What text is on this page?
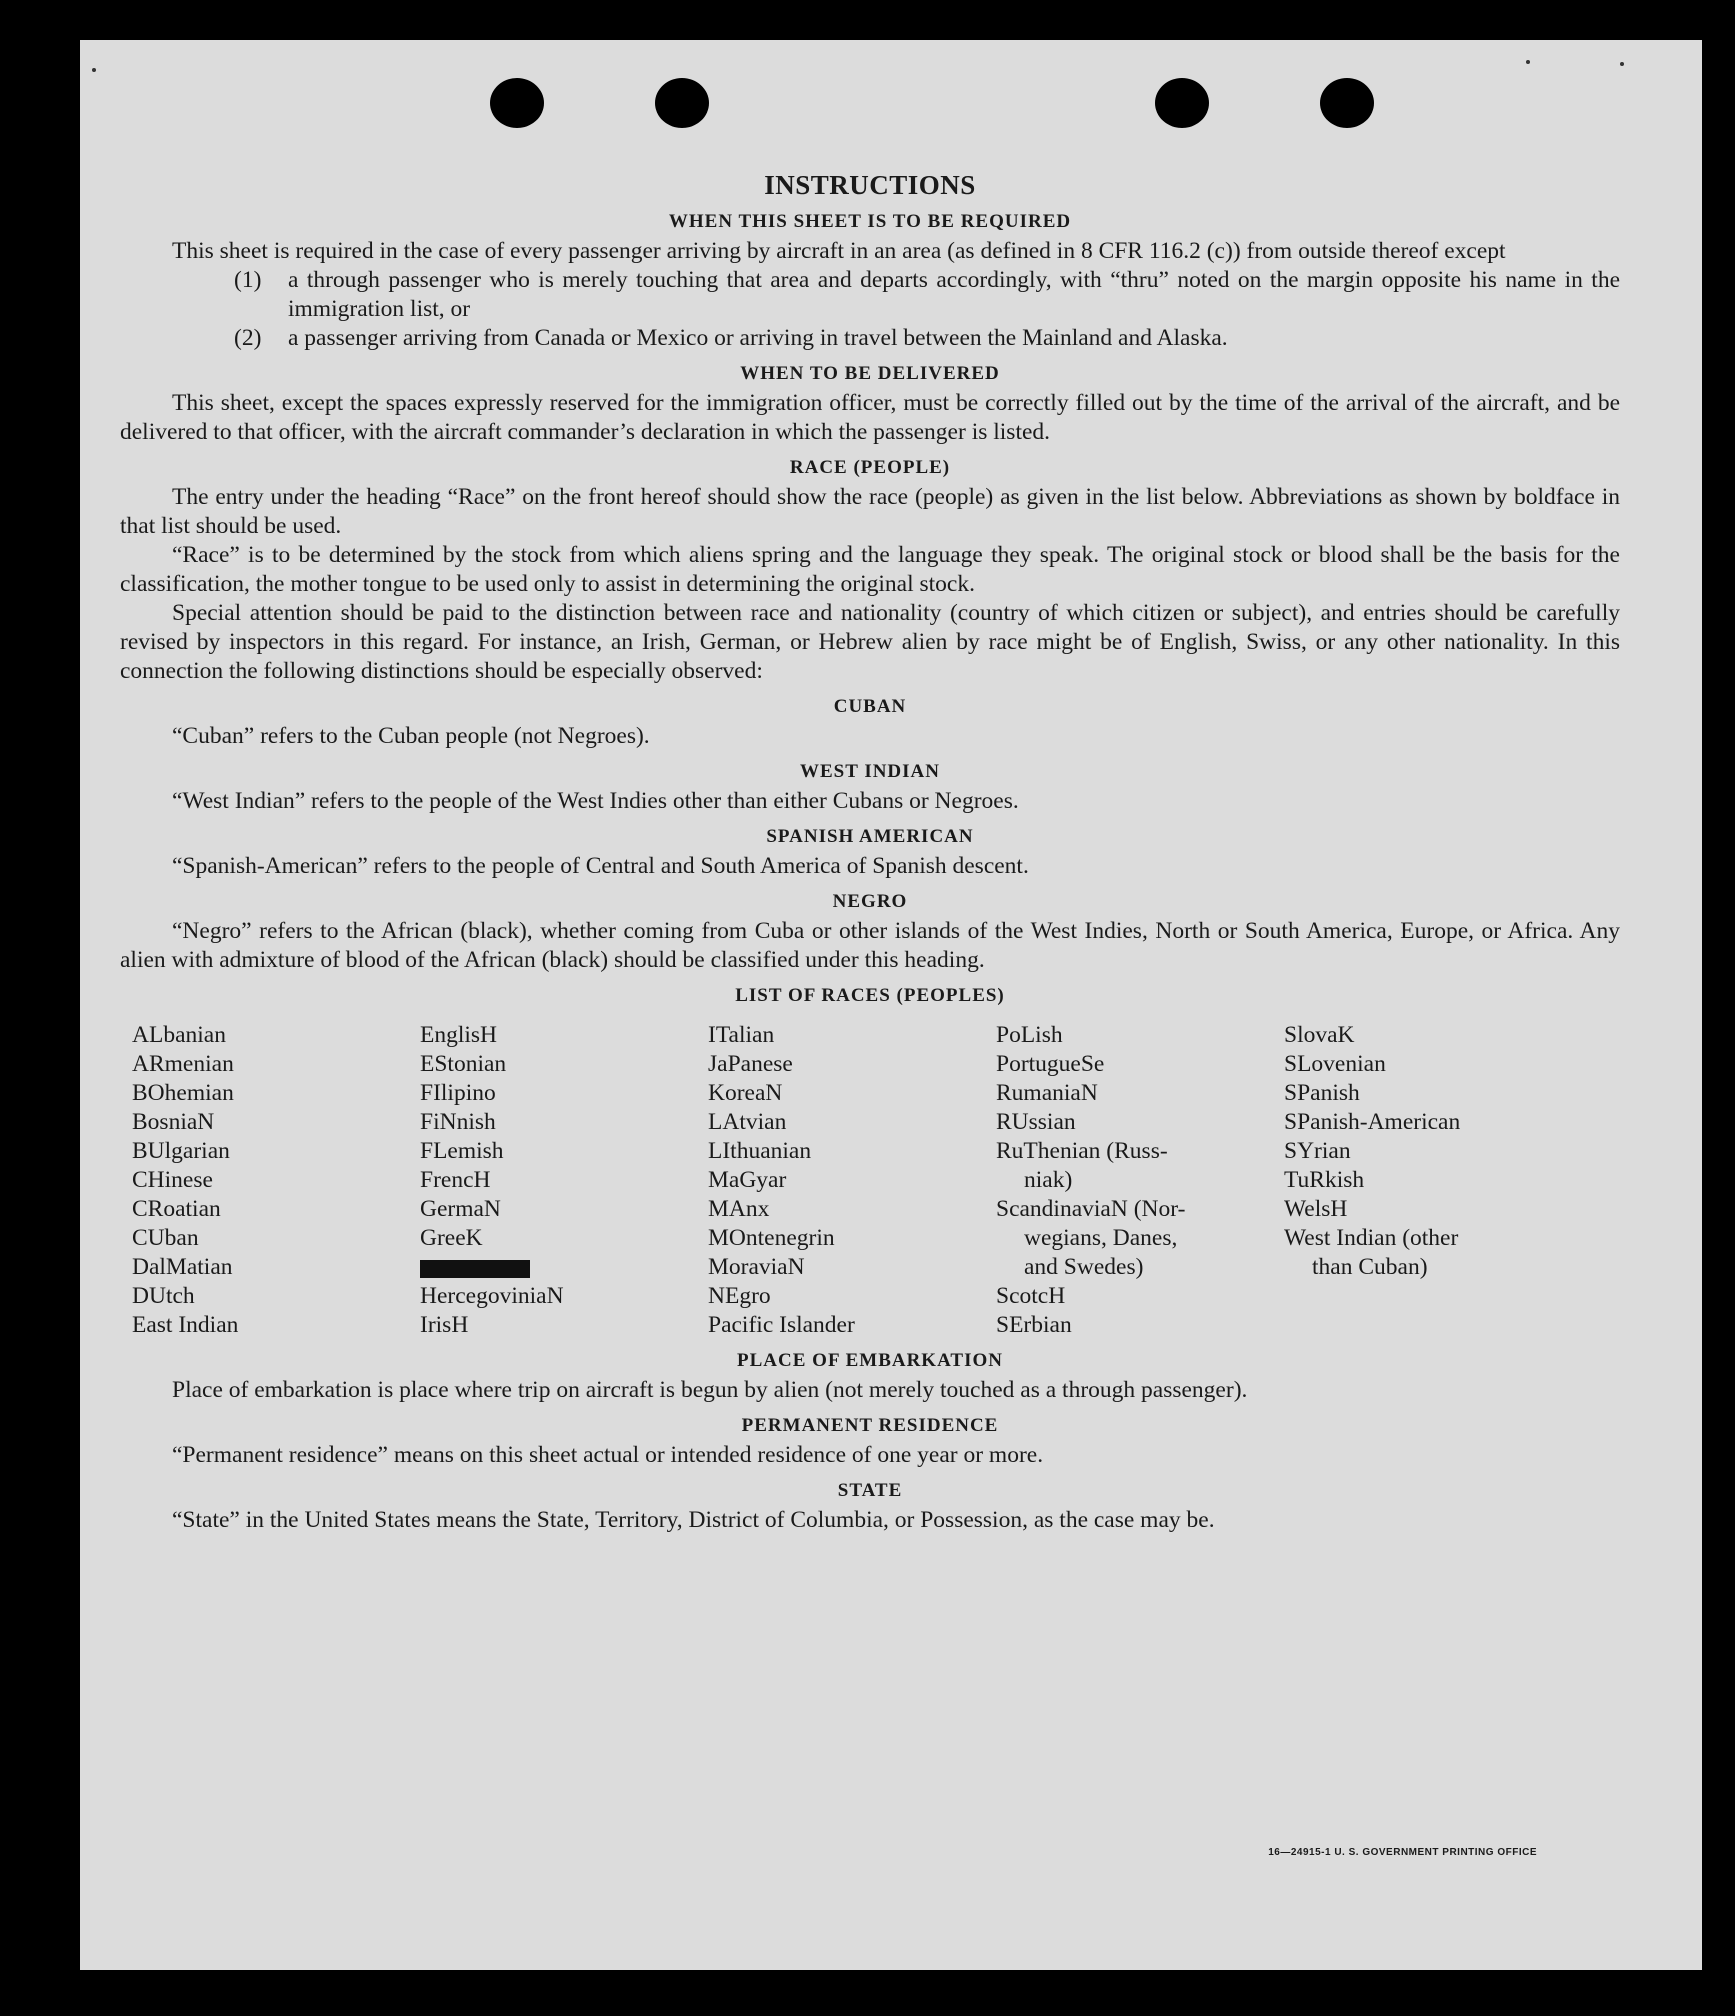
INSTRUCTIONS
WHEN THIS SHEET IS TO BE REQUIRED

This sheet is required in the case of every passenger arriving by aircraft in an area (as defined in 8 CFR 116.2 (c)) from outside thereof except

(1)	a through passenger who is merely touching that area and departs accordingly, with “thru” noted on the margin opposite his name in the immigration list, or
(2)	a passenger arriving from Canada or Mexico or arriving in travel between the Mainland and Alaska.
WHEN TO BE DELIVERED

This sheet, except the spaces expressly reserved for the immigration officer, must be correctly filled out by the time of the arrival of the aircraft, and be delivered to that officer, with the aircraft commander’s declaration in which the passenger is listed.

RACE (PEOPLE)

The entry under the heading “Race” on the front hereof should show the race (people) as given in the list below. Abbreviations as shown by boldface in that list should be used.

“Race” is to be determined by the stock from which aliens spring and the language they speak. The original stock or blood shall be the basis for the classification, the mother tongue to be used only to assist in determining the original stock.

Special attention should be paid to the distinction between race and nationality (country of which citizen or subject), and entries should be carefully revised by inspectors in this regard. For instance, an Irish, German, or Hebrew alien by race might be of English, Swiss, or any other nationality. In this connection the following distinctions should be especially observed:

CUBAN

“Cuban” refers to the Cuban people (not Negroes).

WEST INDIAN

“West Indian” refers to the people of the West Indies other than either Cubans or Negroes.

SPANISH AMERICAN

“Spanish-American” refers to the people of Central and South America of Spanish descent.

NEGRO

“Negro” refers to the African (black), whether coming from Cuba or other islands of the West Indies, North or South America, Europe, or Africa. Any alien with admixture of blood of the African (black) should be classified under this heading.

LIST OF RACES (PEOPLES)
ALbanian
ARmenian
BOhemian
BosniaN
BUlgarian
CHinese
CRoatian
CUban
DalMatian
DUtch
East Indian
EnglisH
EStonian
FIlipino
FiNnish
FLemish
FrencH
GermaN
GreeK
HercegoviniaN
IrisH
ITalian
JaPanese
KoreaN
LAtvian
LIthuanian
MaGyar
MAnx
MOntenegrin
MoraviaN
NEgro
Pacific Islander
PoLish
PortugueSe
RumaniaN
RUssian
RuThenian (Russ-
niak)
ScandinaviaN (Nor-
wegians, Danes,
and Swedes)
ScotcH
SErbian
SlovaK
SLovenian
SPanish
SPanish-American
SYrian
TuRkish
WelsH
West Indian (other
than Cuban)
PLACE OF EMBARKATION

Place of embarkation is place where trip on aircraft is begun by alien (not merely touched as a through passenger).

PERMANENT RESIDENCE

“Permanent residence” means on this sheet actual or intended residence of one year or more.

STATE

“State” in the United States means the State, Territory, District of Columbia, or Possession, as the case may be.

16—24915-1 U. S. GOVERNMENT PRINTING OFFICE
